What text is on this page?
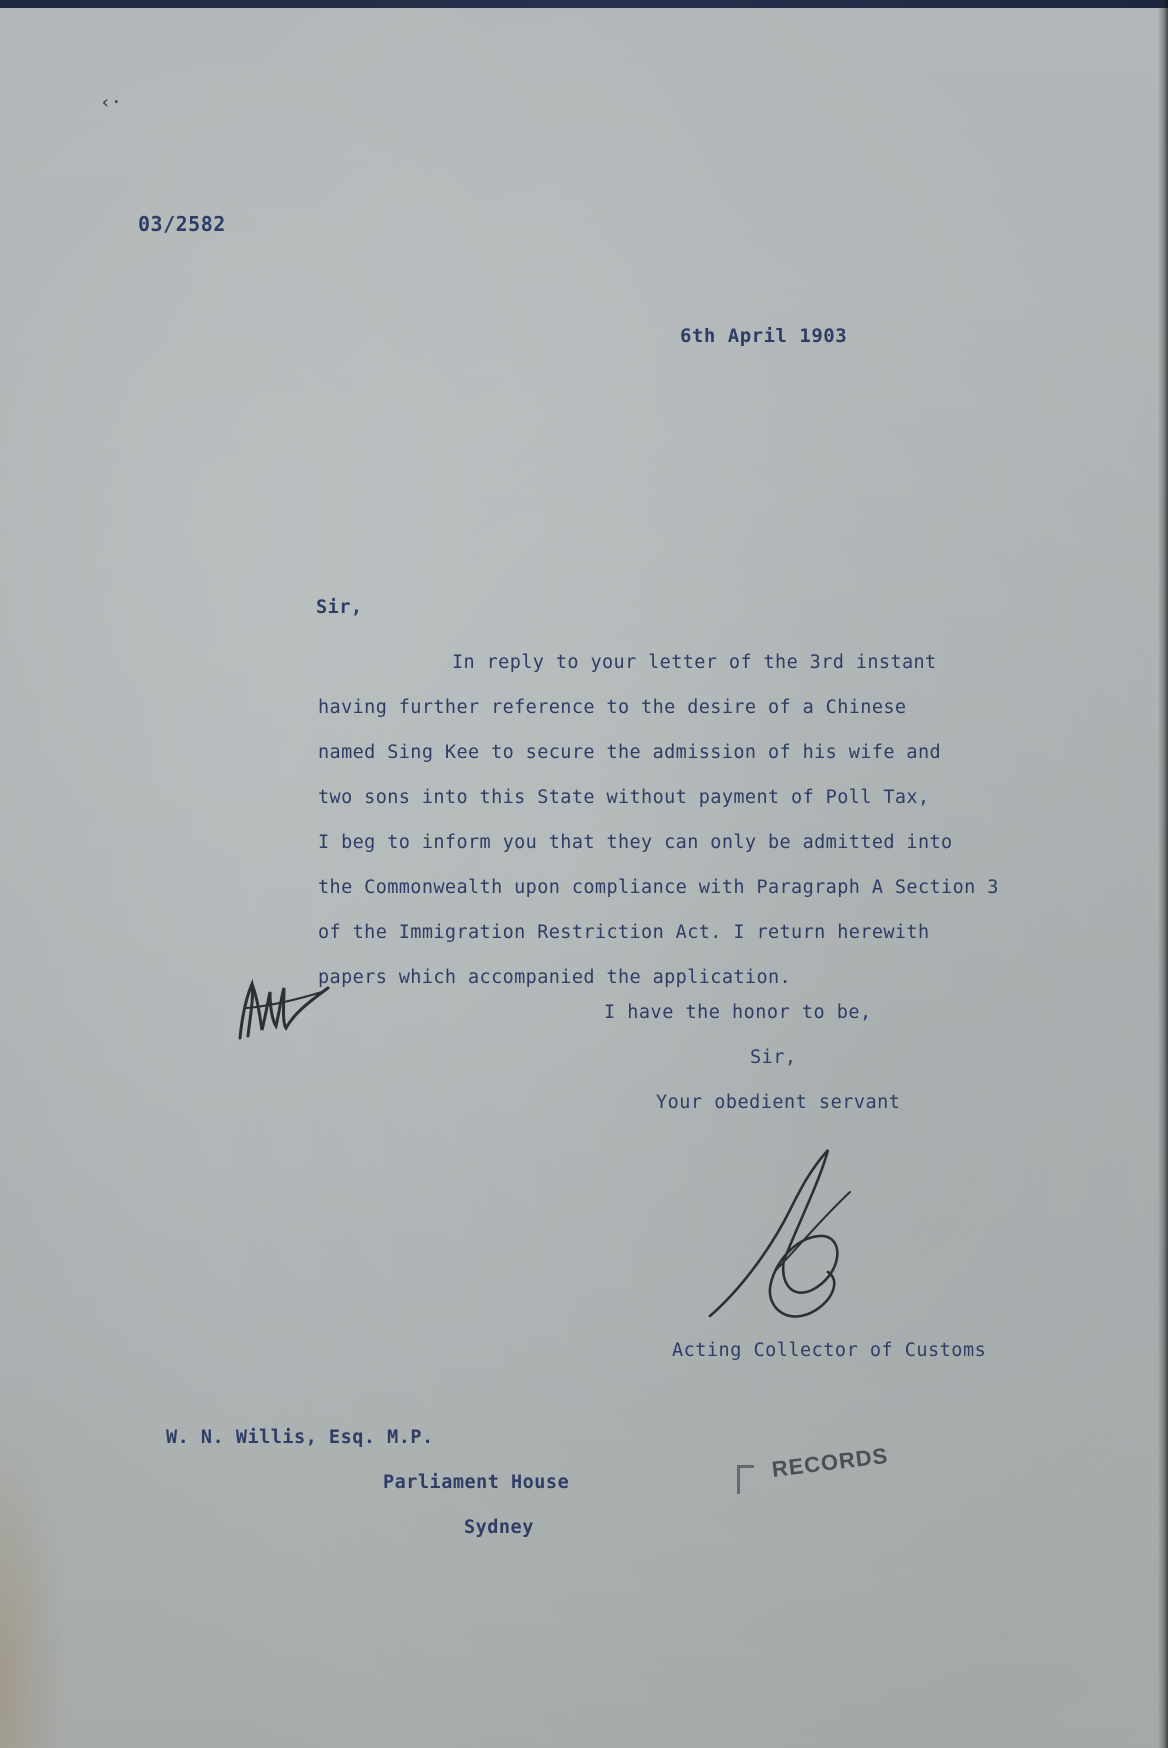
‹·
03/2582
6th April 1903
Sir,
In reply to your letter of the 3rd instant
having further reference to the desire of a Chinese
named Sing Kee to secure the admission of his wife and
two sons into this State without payment of Poll Tax,
I beg to inform you that they can only be admitted into
the Commonwealth upon compliance with Paragraph A Section 3
of the Immigration Restriction Act. I return herewith
papers which accompanied the application.
I have the honor to be,
Sir,
Your obedient servant
Acting Collector of Customs
W. N. Willis, Esq. M.P.
Parliament House
Sydney
RECORDS
